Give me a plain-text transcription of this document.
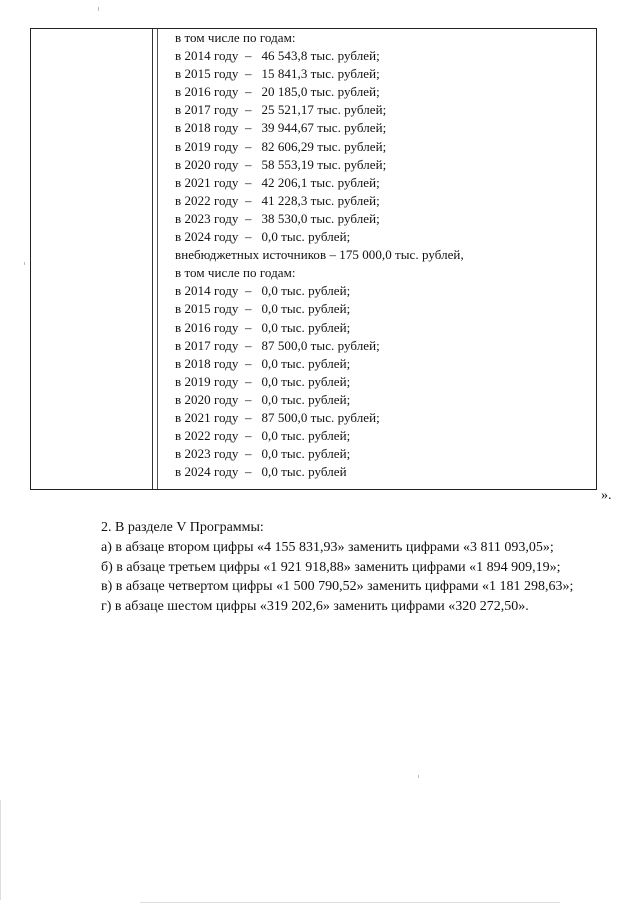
в том числе по годам:
в 2014 году  –   46 543,8 тыс. рублей;
в 2015 году  –   15 841,3 тыс. рублей;
в 2016 году  –   20 185,0 тыс. рублей;
в 2017 году  –   25 521,17 тыс. рублей;
в 2018 году  –   39 944,67 тыс. рублей;
в 2019 году  –   82 606,29 тыс. рублей;
в 2020 году  –   58 553,19 тыс. рублей;
в 2021 году  –   42 206,1 тыс. рублей;
в 2022 году  –   41 228,3 тыс. рублей;
в 2023 году  –   38 530,0 тыс. рублей;
в 2024 году  –   0,0 тыс. рублей;
внебюджетных источников – 175 000,0 тыс. рублей,
в том числе по годам:
в 2014 году  –   0,0 тыс. рублей;
в 2015 году  –   0,0 тыс. рублей;
в 2016 году  –   0,0 тыс. рублей;
в 2017 году  –   87 500,0 тыс. рублей;
в 2018 году  –   0,0 тыс. рублей;
в 2019 году  –   0,0 тыс. рублей;
в 2020 году  –   0,0 тыс. рублей;
в 2021 году  –   87 500,0 тыс. рублей;
в 2022 году  –   0,0 тыс. рублей;
в 2023 году  –   0,0 тыс. рублей;
в 2024 году  –   0,0 тыс. рублей
».
2. В разделе V Программы:
а) в абзаце втором цифры «4 155 831,93» заменить цифрами «3 811 093,05»;
б) в абзаце третьем цифры «1 921 918,88» заменить цифрами «1 894 909,19»;
в) в абзаце четвертом цифры «1 500 790,52» заменить цифрами «1 181 298,63»;
г) в абзаце шестом цифры «319 202,6» заменить цифрами «320 272,50».
